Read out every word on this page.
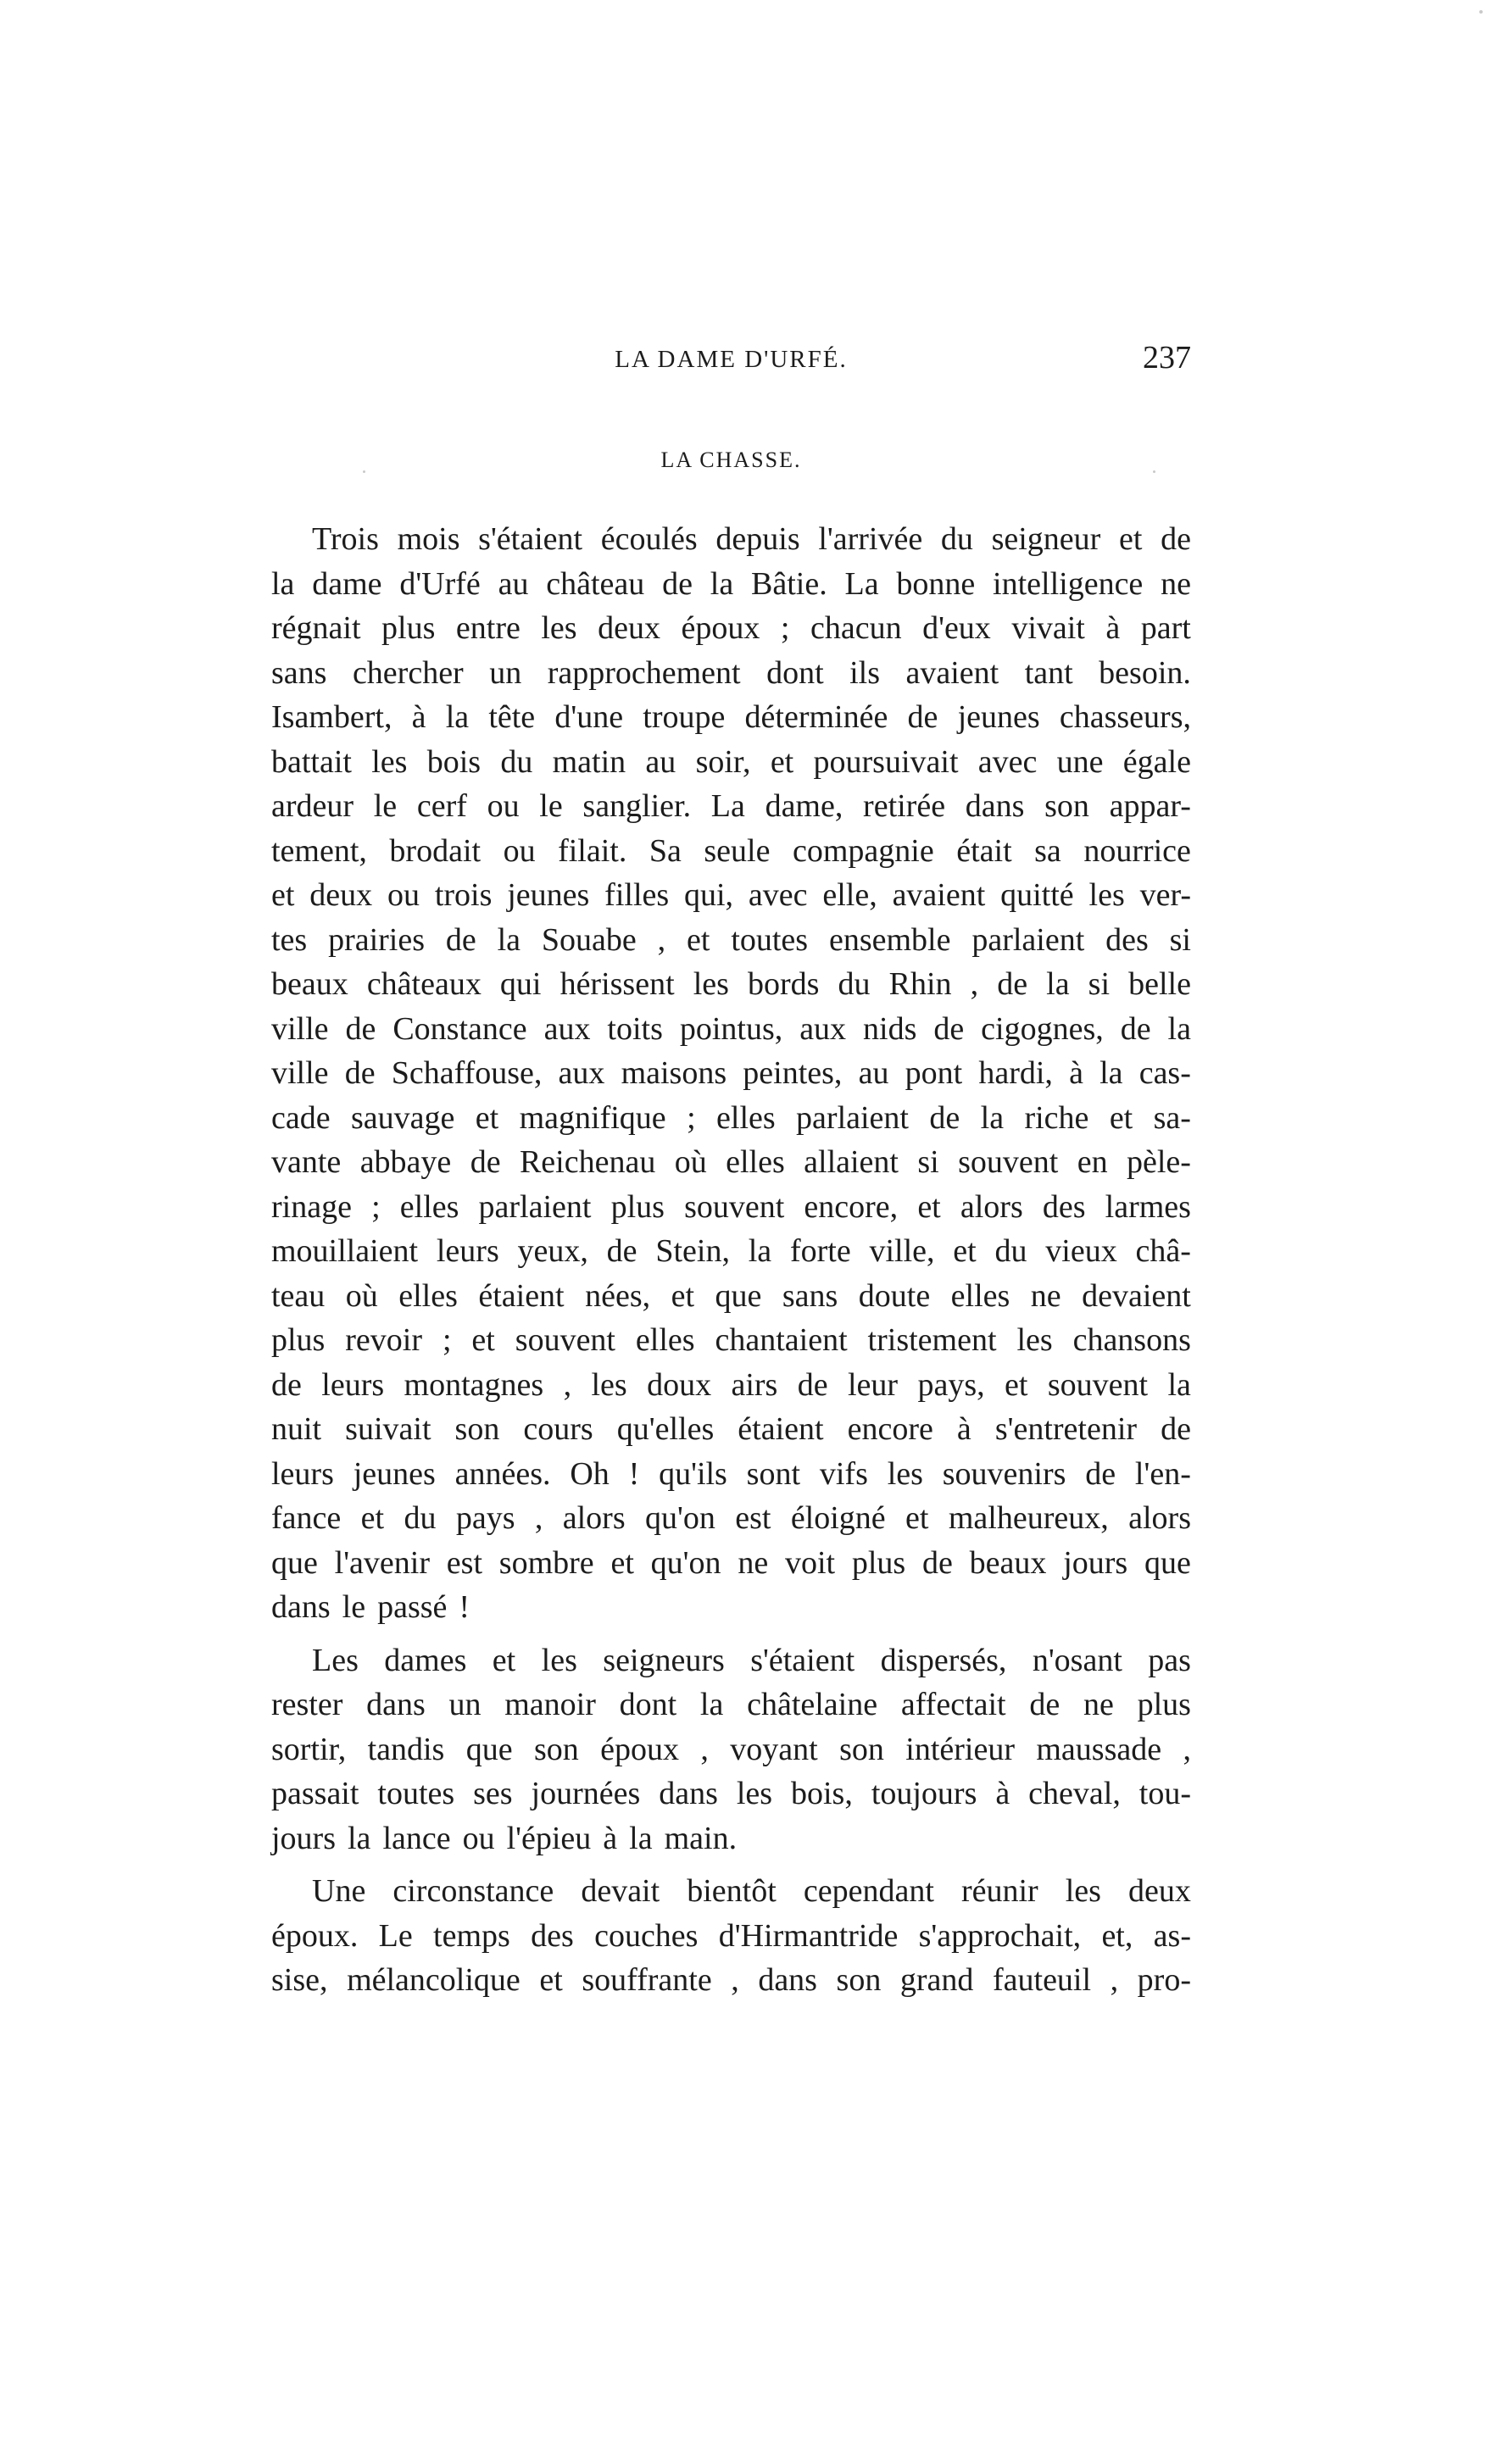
LA DAME D'URFÉ.	237
LA CHASSE.
Trois mois s'étaient écoulés depuis l'arrivée du seigneur et de
la dame d'Urfé au château de la Bâtie. La bonne intelligence ne
régnait plus entre les deux époux ; chacun d'eux vivait à part
sans chercher un rapprochement dont ils avaient tant besoin.
Isambert, à la tête d'une troupe déterminée de jeunes chasseurs,
battait les bois du matin au soir, et poursuivait avec une égale
ardeur le cerf ou le sanglier. La dame, retirée dans son appar-
tement, brodait ou filait. Sa seule compagnie était sa nourrice
et deux ou trois jeunes filles qui, avec elle, avaient quitté les ver-
tes prairies de la Souabe , et toutes ensemble parlaient des si
beaux châteaux qui hérissent les bords du Rhin , de la si belle
ville de Constance aux toits pointus, aux nids de cigognes, de la
ville de Schaffouse, aux maisons peintes, au pont hardi, à la cas-
cade sauvage et magnifique ; elles parlaient de la riche et sa-
vante abbaye de Reichenau où elles allaient si souvent en pèle-
rinage ; elles parlaient plus souvent encore, et alors des larmes
mouillaient leurs yeux, de Stein, la forte ville, et du vieux châ-
teau où elles étaient nées, et que sans doute elles ne devaient
plus revoir ; et souvent elles chantaient tristement les chansons
de leurs montagnes , les doux airs de leur pays, et souvent la
nuit suivait son cours qu'elles étaient encore à s'entretenir de
leurs jeunes années. Oh ! qu'ils sont vifs les souvenirs de l'en-
fance et du pays , alors qu'on est éloigné et malheureux, alors
que l'avenir est sombre et qu'on ne voit plus de beaux jours que
dans le passé !
Les dames et les seigneurs s'étaient dispersés, n'osant pas
rester dans un manoir dont la châtelaine affectait de ne plus
sortir, tandis que son époux , voyant son intérieur maussade ,
passait toutes ses journées dans les bois, toujours à cheval, tou-
jours la lance ou l'épieu à la main.
Une circonstance devait bientôt cependant réunir les deux
époux. Le temps des couches d'Hirmantride s'approchait, et, as-
sise, mélancolique et souffrante , dans son grand fauteuil , pro-
